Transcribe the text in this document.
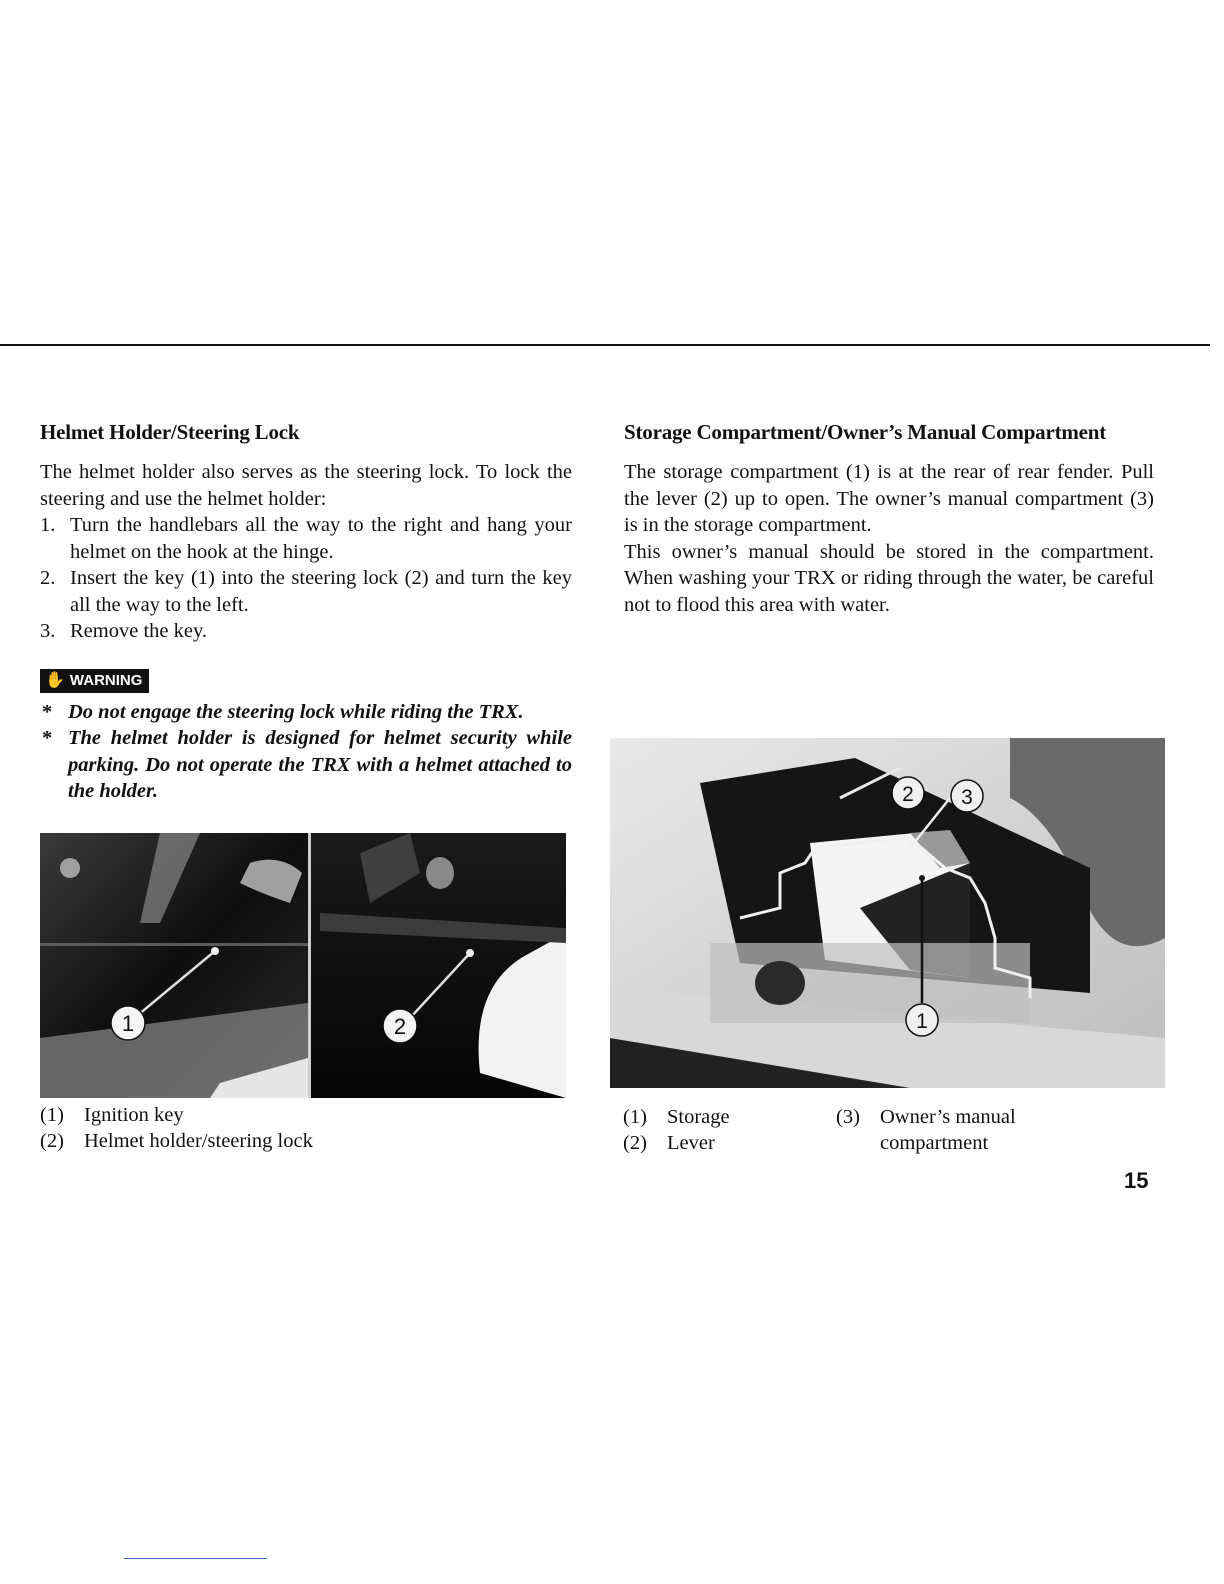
Helmet Holder/Steering Lock

The helmet holder also serves as the steering lock. To lock the steering and use the helmet holder:

1. Turn the handlebars all the way to the right and hang your helmet on the hook at the hinge.
2. Insert the key (1) into the steering lock (2) and turn the key all the way to the left.
3. Remove the key.
✋ WARNING
* Do not engage the steering lock while riding the TRX.
* The helmet holder is designed for helmet security while parking. Do not operate the TRX with a helmet attached to the holder.
1	2
(1) Ignition key
(2) Helmet holder/steering lock
Storage Compartment/Owner’s Manual Compartment

The storage compartment (1) is at the rear of rear fender. Pull the lever (2) up to open. The owner’s manual compartment (3) is in the storage compartment.

This owner’s manual should be stored in the compartment. When washing your TRX or riding through the water, be careful not to flood this area with water.

2 3
1
(1) Storage
(2) Lever
(3) Owner’s manual compartment
15
